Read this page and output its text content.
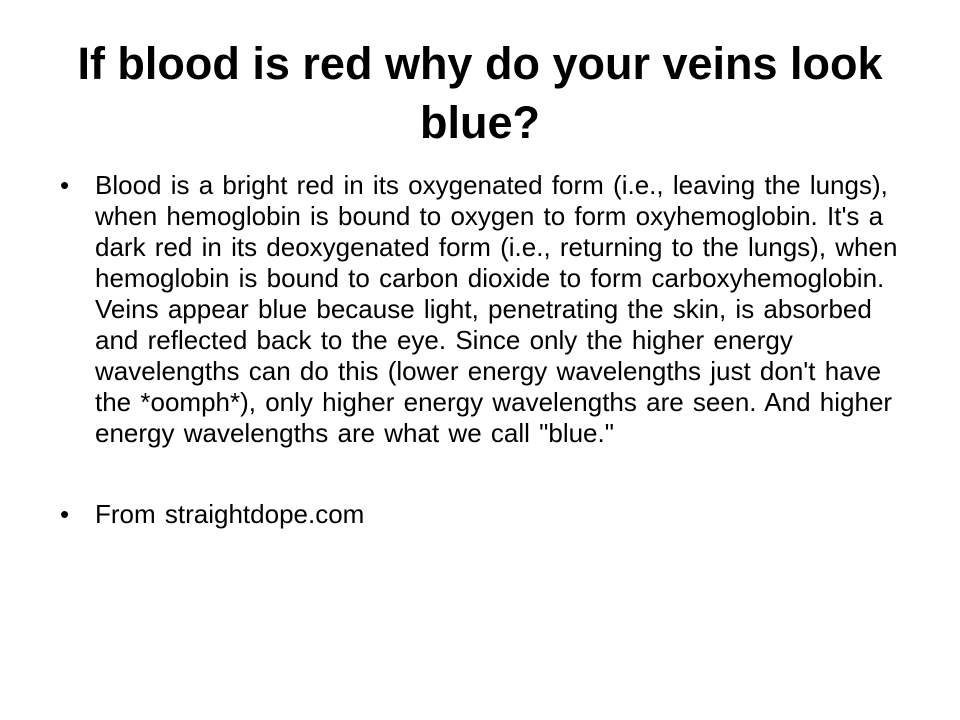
If blood is red why do your veins look blue?
• Blood is a bright red in its oxygenated form (i.e., leaving the lungs), when hemoglobin is bound to oxygen to form oxyhemoglobin. It's a dark red in its deoxygenated form (i.e., returning to the lungs), when hemoglobin is bound to carbon dioxide to form carboxyhemoglobin. Veins appear blue because light, penetrating the skin, is absorbed and reflected back to the eye. Since only the higher energy wavelengths can do this (lower energy wavelengths just don't have the *oomph*), only higher energy wavelengths are seen. And higher energy wavelengths are what we call "blue."
• From straightdope.com
